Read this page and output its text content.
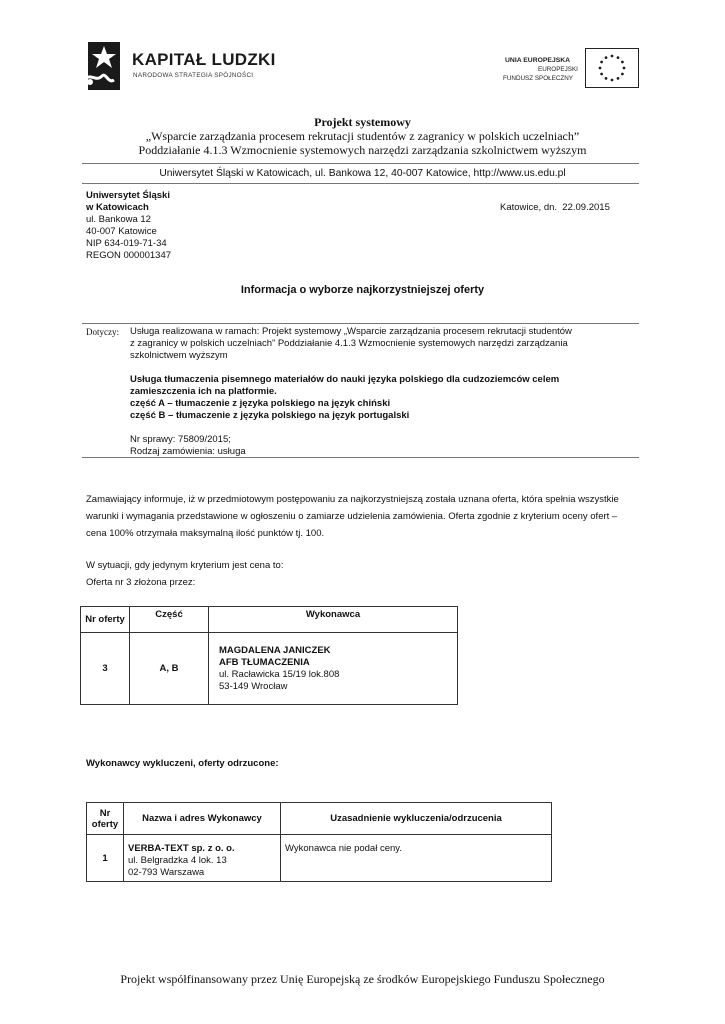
KAPITAŁ LUDZKI
NARODOWA STRATEGIA SPÓJNOŚCI
UNIA EUROPEJSKA
EUROPEJSKI
FUNDUSZ SPOŁECZNY
Projekt systemowy
„Wsparcie zarządzania procesem rekrutacji studentów z zagranicy w polskich uczelniach”
Poddziałanie 4.1.3 Wzmocnienie systemowych narzędzi zarządzania szkolnictwem wyższym
Uniwersytet Śląski w Katowicach, ul. Bankowa 12, 40-007 Katowice, http://www.us.edu.pl
Uniwersytet Śląski
w Katowicach
ul. Bankowa 12
40-007 Katowice
NIP 634-019-71-34
REGON 000001347
Katowice, dn.  22.09.2015
Informacja o wyborze najkorzystniejszej oferty
Dotyczy: Usługa realizowana w ramach: Projekt systemowy „Wsparcie zarządzania procesem rekrutacji studentów
z zagranicy w polskich uczelniach” Poddziałanie 4.1.3 Wzmocnienie systemowych narzędzi zarządzania
szkolnictwem wyższym
Usługa tłumaczenia pisemnego materiałów do nauki języka polskiego dla cudzoziemców celem
zamieszczenia ich na platformie.
część A – tłumaczenie z języka polskiego na język chiński
część B – tłumaczenie z języka polskiego na język portugalski
Nr sprawy: 75809/2015;
Rodzaj zamówienia: usługa
Zamawiający informuje, iż w przedmiotowym postępowaniu za najkorzystniejszą została uznana oferta, która spełnia wszystkie
warunki i wymagania przedstawione w ogłoszeniu o zamiarze udzielenia zamówienia. Oferta zgodnie z kryterium oceny ofert –
cena 100% otrzymała maksymalną ilość punktów tj. 100.
W sytuacji, gdy jedynym kryterium jest cena to:
Oferta nr 3 złożona przez:
Nr oferty	Część	Wykonawca
3	A, B	MAGDALENA JANICZEK
AFB TŁUMACZENIA
ul. Racławicka 15/19 lok.808
53-149 Wrocław
Wykonawcy wykluczeni, oferty odrzucone:
Nr oferty	Nazwa i adres Wykonawcy	Uzasadnienie wykluczenia/odrzucenia
1	VERBA-TEXT sp. z o. o.
ul. Belgradzka 4 lok. 13
02-793 Warszawa	Wykonawca nie podał ceny.
Projekt współfinansowany przez Unię Europejską ze środków Europejskiego Funduszu Społecznego
